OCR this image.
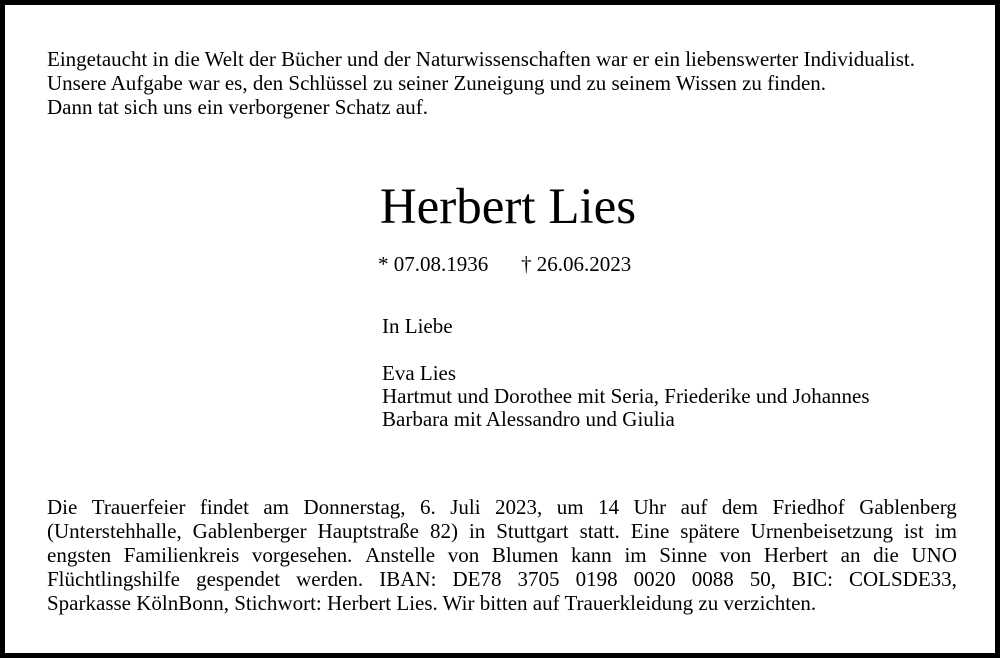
Eingetaucht in die Welt der Bücher und der Naturwissenschaften war er ein liebenswerter Individualist.
Unsere Aufgabe war es, den Schlüssel zu seiner Zuneigung und zu seinem Wissen zu finden.
Dann tat sich uns ein verborgener Schatz auf.
Herbert Lies
* 07.08.1936 † 26.06.2023
In Liebe
Eva Lies
Hartmut und Dorothee mit Seria, Friederike und Johannes
Barbara mit Alessandro und Giulia
Die Trauerfeier findet am Donnerstag, 6. Juli 2023, um 14 Uhr auf dem Friedhof Gablenberg
(Unterstehhalle, Gablenberger Hauptstraße 82) in Stuttgart statt. Eine spätere Urnenbeisetzung ist im
engsten Familienkreis vorgesehen. Anstelle von Blumen kann im Sinne von Herbert an die UNO
Flüchtlingshilfe gespendet werden. IBAN: DE78 3705 0198 0020 0088 50, BIC: COLSDE33,
Sparkasse KölnBonn, Stichwort: Herbert Lies. Wir bitten auf Trauerkleidung zu verzichten.
